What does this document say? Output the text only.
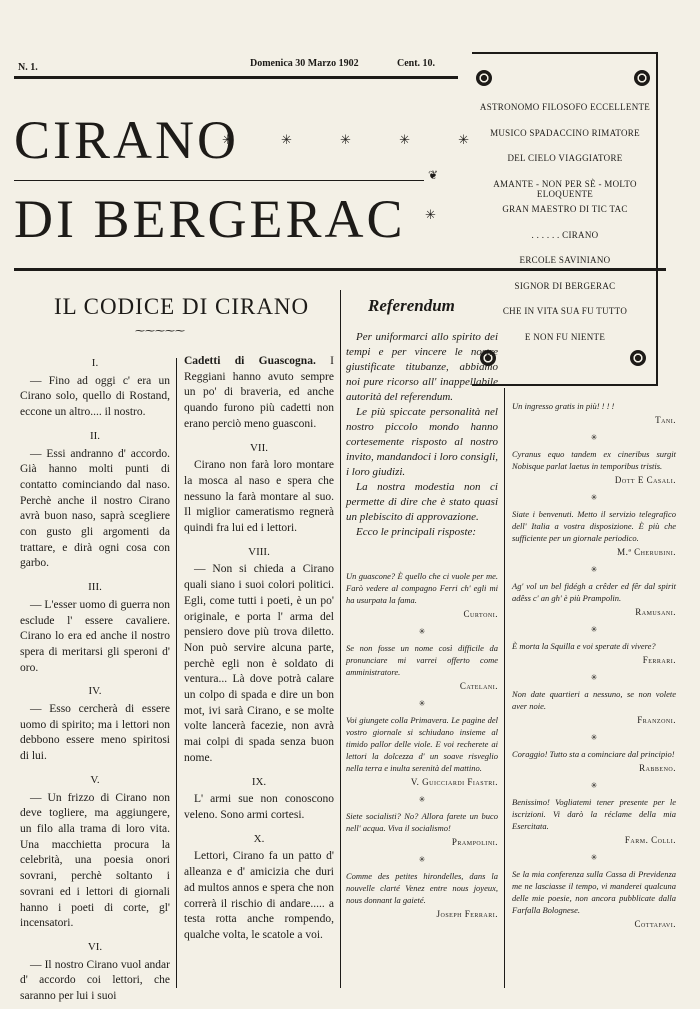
N. 1.	Domenica 30 Marzo 1902	Cent. 10.
CIRANO
✳ ✳ ✳ ✳ ✳
❦
DI BERGERAC ✳
ASTRONOMO FILOSOFO ECCELLENTE
MUSICO SPADACCINO RIMATORE
DEL CIELO VIAGGIATORE
AMANTE - NON PER SÈ - MOLTO ELOQUENTE
GRAN MAESTRO DI TIC TAC
. . . . . . CIRANO
ERCOLE SAVINIANO
SIGNOR DI BERGERAC
CHE IN VITA SUA FU TUTTO
E NON FU NIENTE
IL CODICE DI CIRANO
⁓⁓⁓⁓⁓
I.

— Fino ad oggi c' era un Cirano solo, quello di Rostand, eccone un altro.... il nostro.

II.

— Essi andranno d' accordo. Già hanno molti punti di contatto cominciando dal naso. Perchè anche il nostro Cirano avrà buon naso, saprà scegliere con gusto gli argomenti da trattare, e dirà ogni cosa con garbo.

III.

— L'esser uomo di guerra non esclude l' essere cavaliere. Cirano lo era ed anche il nostro spera di meritarsi gli speroni d' oro.

IV.

— Esso cercherà di essere uomo di spirito; ma i lettori non debbono essere meno spiritosi di lui.

V.

— Un frizzo di Cirano non deve togliere, ma aggiungere, un filo alla trama di loro vita. Una macchietta procura la celebrità, una poesia onori sovrani, perchè soltanto i sovrani ed i lettori di giornali hanno i poeti di corte, gl' incensatori.

VI.

— Il nostro Cirano vuol andar d' accordo coi lettori, che saranno per lui i suoi

Cadetti di Guascogna. I Reggiani hanno avuto sempre un po' di braveria, ed anche quando furono più cadetti non erano perciò meno guasconi.

VII.

Cirano non farà loro montare la mosca al naso e spera che nessuno la farà montare al suo. Il miglior cameratismo regnerà quindi fra lui ed i lettori.

VIII.

— Non si chieda a Cirano quali siano i suoi colori politici. Egli, come tutti i poeti, è un po' originale, e porta l' arma del pensiero dove più trova diletto. Non può servire alcuna parte, perchè egli non è soldato di ventura... Là dove potrà calare un colpo di spada e dire un bon mot, ivi sarà Cirano, e se molte volte lancerà facezie, non avrà mai colpi di spada senza buon nome.

IX.

L' armi sue non conoscono veleno. Sono armi cortesi.

X.

Lettori, Cirano fa un patto d' alleanza e d' amicizia che duri ad multos annos e spera che non correrà il rischio di andare..... a testa rotta anche rompendo, qualche volta, le scatole a voi.

Referendum

Per uniformarci allo spirito dei tempi e per vincere le nostre giustificate titubanze, abbiamo noi pure ricorso all' inappellabile autorità del referendum.

Le più spiccate personalità nel nostro piccolo mondo hanno cortesemente risposto al nostro invito, mandandoci i loro consigli, i loro giudizi.

La nostra modestia non ci permette di dire che è stato quasi un plebiscito di approvazione.

Ecco le principali risposte:

Un guascone? È quello che ci vuole per me. Farò vedere al compagno Ferri ch' egli mi ha usurpata la fama.
Curtoni.
✳
Se non fosse un nome così difficile da pronunciare mi varrei offerto come amministratore.
Catelani.
✳
Voi giungete colla Primavera. Le pagine del vostro giornale si schiudano insieme al timido pallor delle viole. E voi recherete ai lettori la dolcezza d' un soave risveglio nella terra e inulta serenità del mattino.
V. Guicciardi Fiastri.
✳
Siete socialisti? No? Allora farete un buco nell' acqua. Viva il socialismo!
Prampolini.
✳
Comme des petites hirondelles, dans la nouvelle clarté Venez entre nous joyeux, nous donnant la gaieté.
Joseph Ferrari.
Un ingresso gratis in più! ! ! !
Tani.
✳
Cyranus equo tandem ex cineribus surgit Nobisque parlat laetus in temporibus tristis.
Dott E Casali.
✳
Siate i benvenuti. Metto il servizio telegrafico dell' Italia a vostra disposizione. È più che sufficiente per un giornale periodico.
M.ª Cherubini.
✳
Ag' vol un bel fidégh a crêder ed fêr dal spirit adêss c' an gh' è più Prampolin.
Ramusani.
✳
È morta la Squilla e voi sperate di vivere?
Ferrari.
✳
Non date quartieri a nessuno, se non volete aver noie.
Franzoni.
✳
Coraggio! Tutto sta a cominciare dal principio!
Rabbeno.
✳
Benissimo! Vogliatemi tener presente per le iscrizioni. Vi darò la réclame della mia Esercitata.
Farm. Colli.
✳
Se la mia conferenza sulla Cassa di Previdenza me ne lasciasse il tempo, vi manderei qualcuna delle mie poesie, non ancora pubblicate dalla Farfalla Bolognese.
Cottafavi.
